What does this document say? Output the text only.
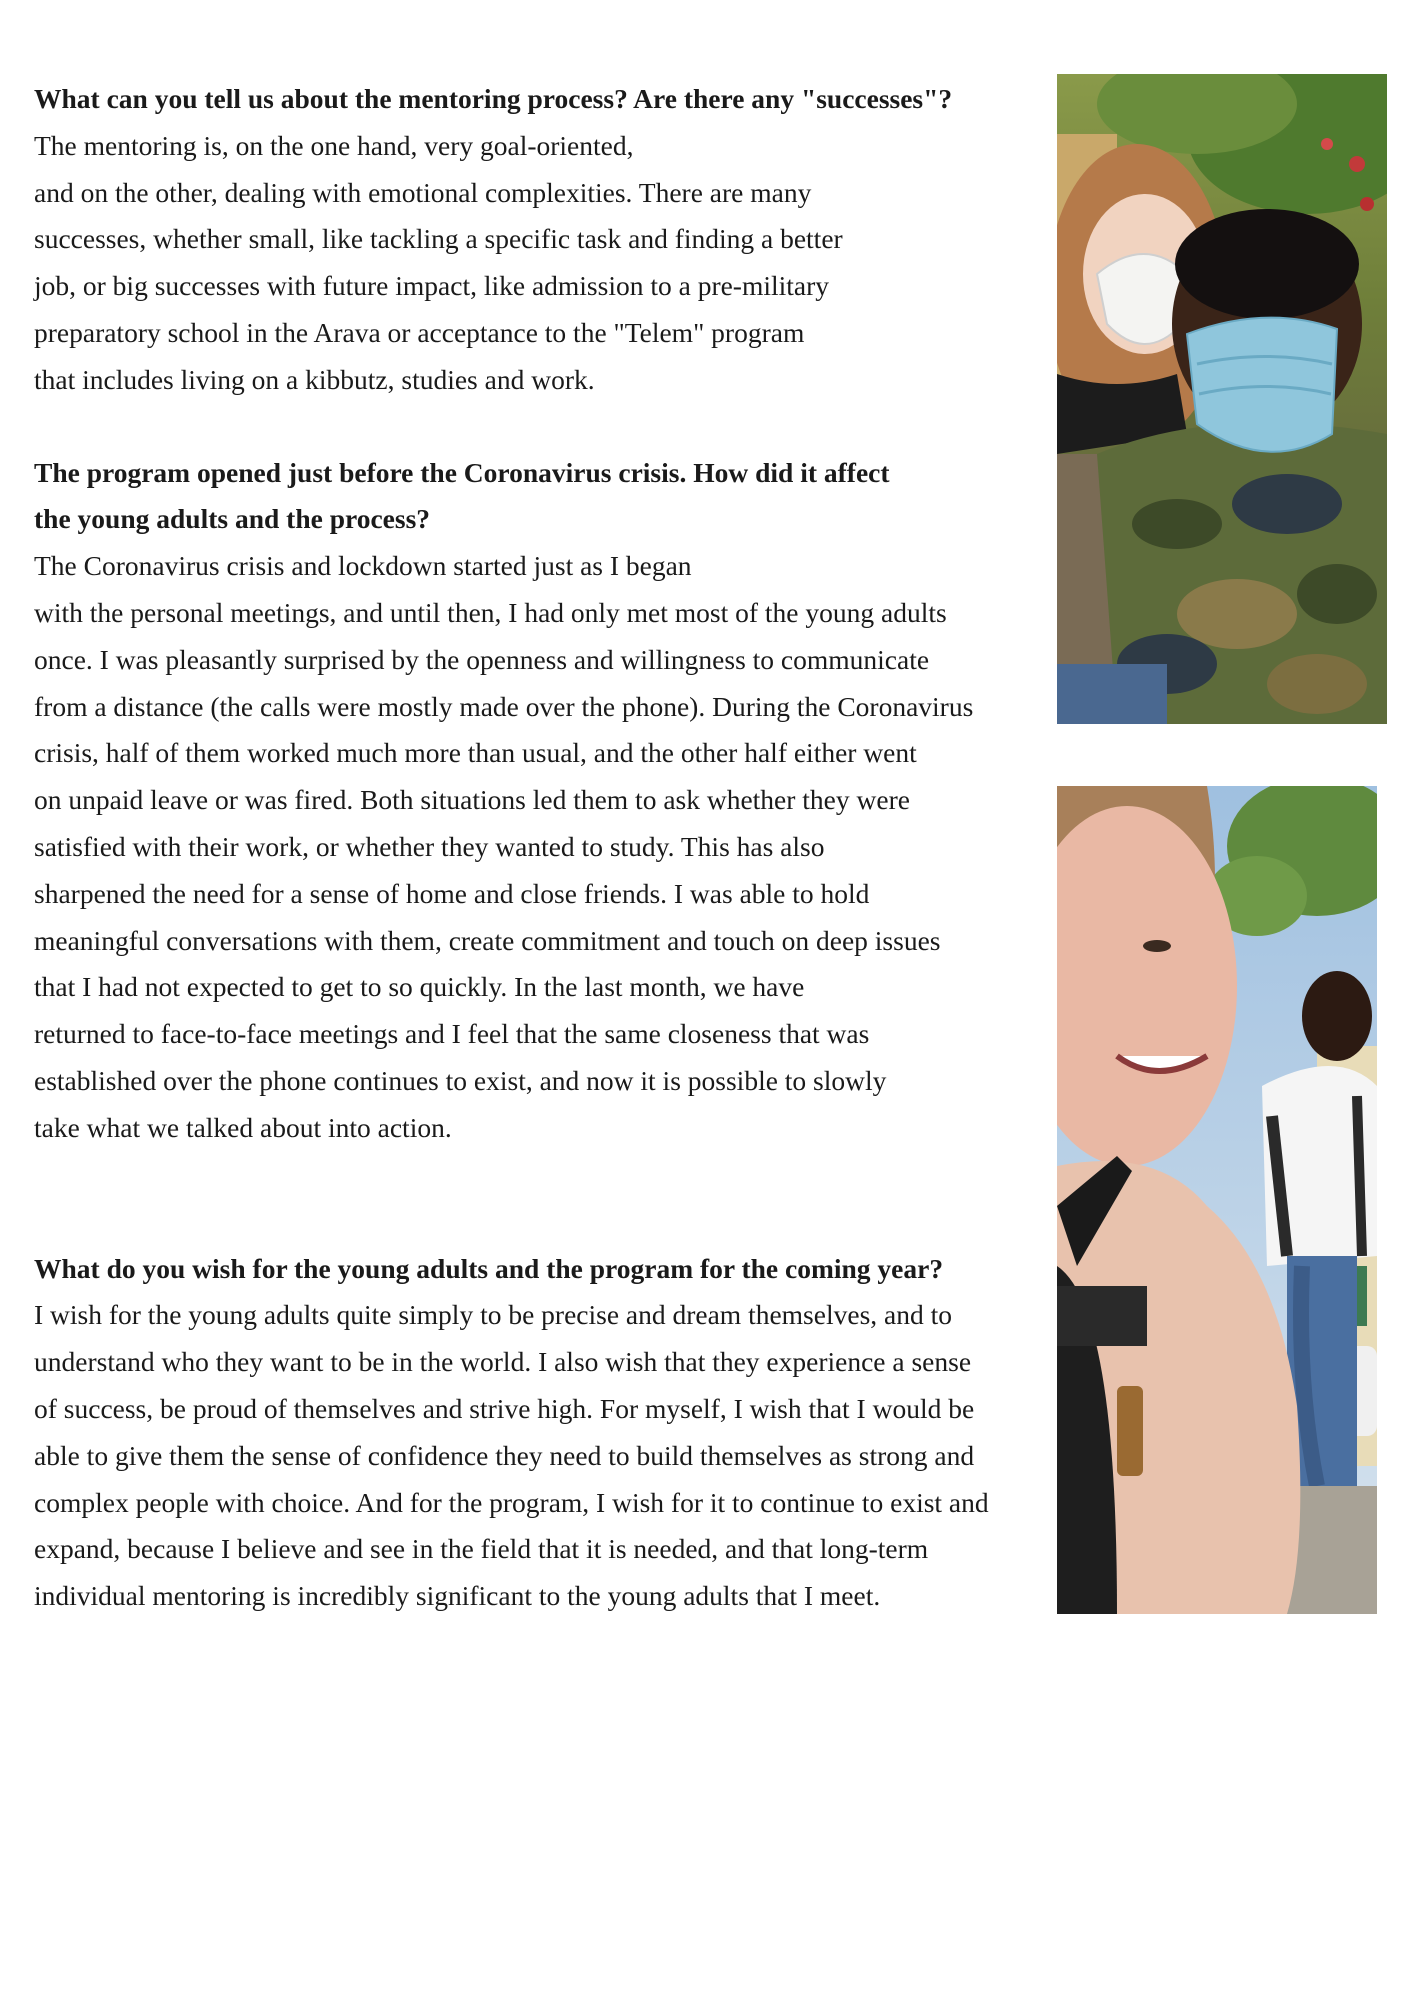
What can you tell us about the mentoring process? Are there any "successes"?

The mentoring is, on the one hand, very goal-oriented,
and on the other, dealing with emotional complexities. There are many
successes, whether small, like tackling a specific task and finding a better
job, or big successes with future impact, like admission to a pre-military
preparatory school in the Arava or acceptance to the "Telem" program
that includes living on a kibbutz, studies and work.

The program opened just before the Coronavirus crisis. How did it affect
the young adults and the process?

The Coronavirus crisis and lockdown started just as I began
with the personal meetings, and until then, I had only met most of the young adults
once. I was pleasantly surprised by the openness and willingness to communicate
from a distance (the calls were mostly made over the phone). During the Coronavirus
crisis, half of them worked much more than usual, and the other half either went
on unpaid leave or was fired. Both situations led them to ask whether they were
satisfied with their work, or whether they wanted to study. This has also
sharpened the need for a sense of home and close friends. I was able to hold
meaningful conversations with them, create commitment and touch on deep issues
that I had not expected to get to so quickly. In the last month, we have
returned to face-to-face meetings and I feel that the same closeness that was
established over the phone continues to exist, and now it is possible to slowly
take what we talked about into action.

What do you wish for the young adults and the program for the coming year?

I wish for the young adults quite simply to be precise and dream themselves, and to
understand who they want to be in the world. I also wish that they experience a sense
of success, be proud of themselves and strive high. For myself, I wish that I would be
able to give them the sense of confidence they need to build themselves as strong and
complex people with choice. And for the program, I wish for it to continue to exist and
expand, because I believe and see in the field that it is needed, and that long-term
individual mentoring is incredibly significant to the young adults that I meet.
